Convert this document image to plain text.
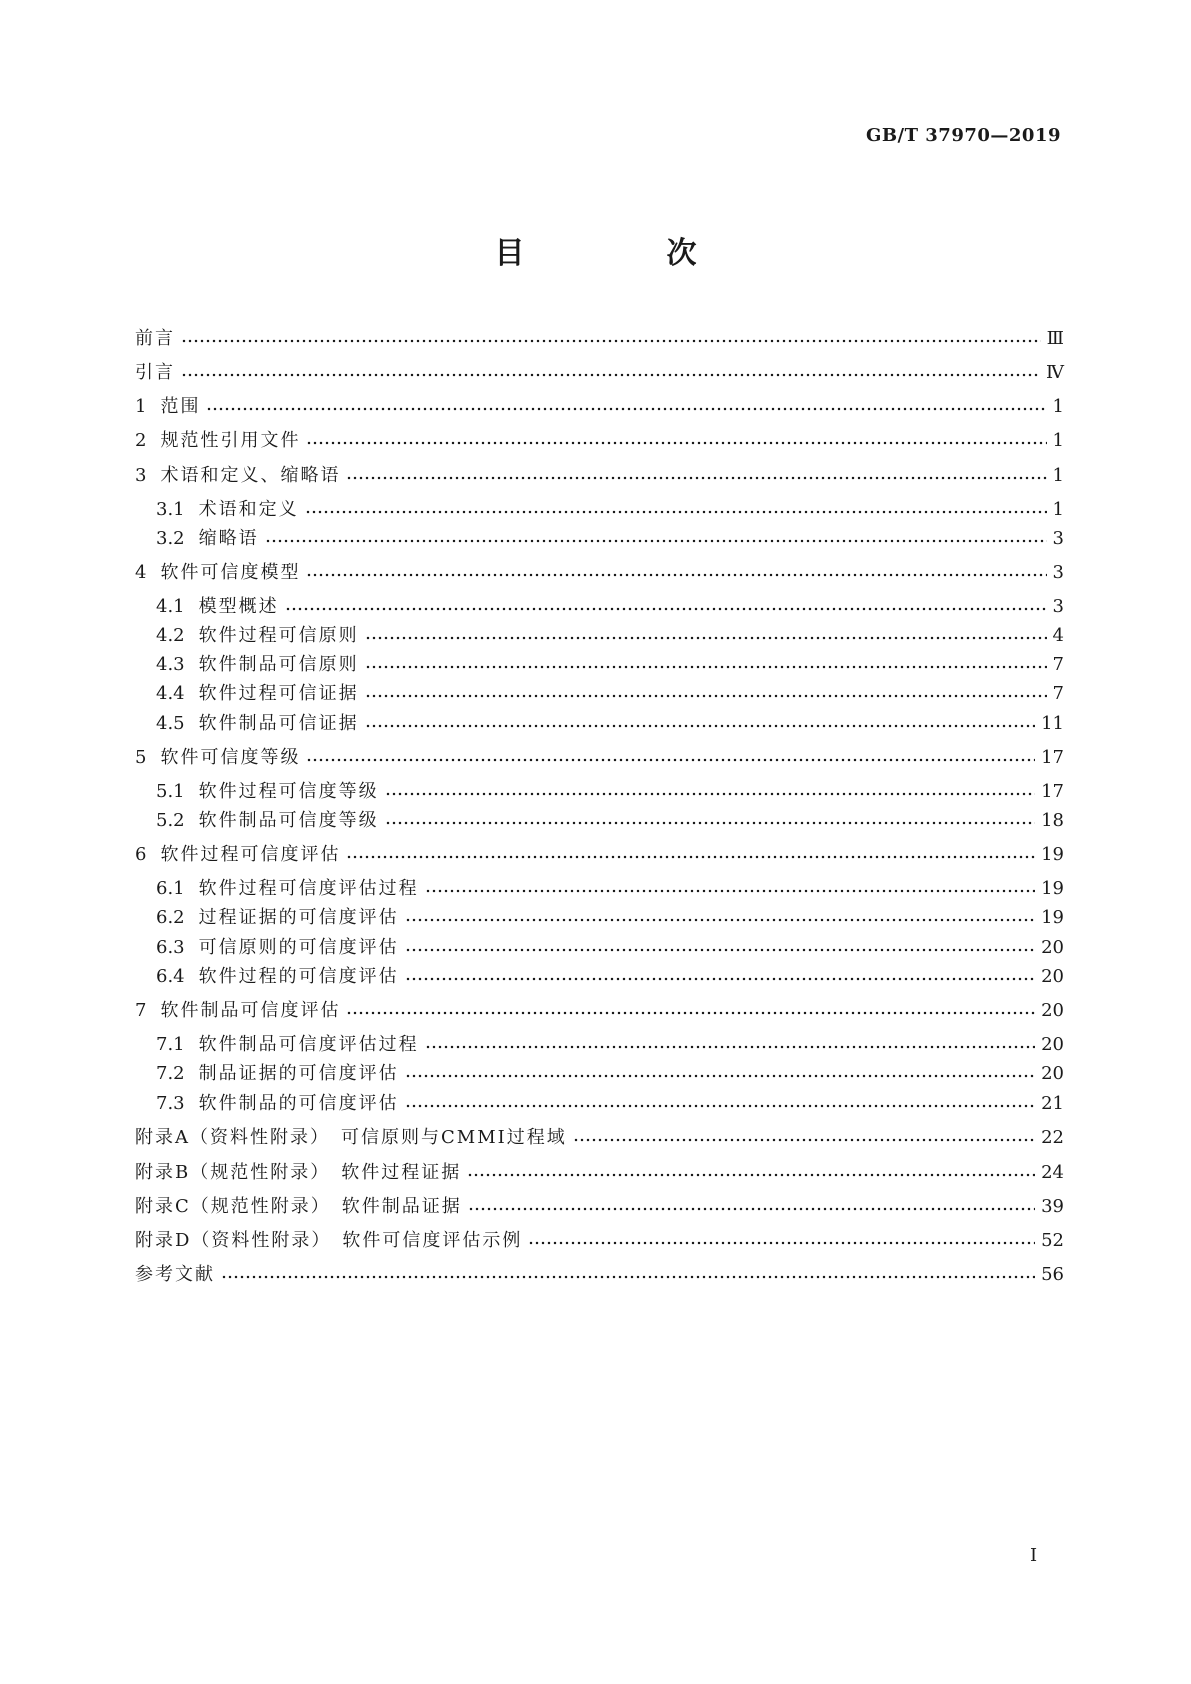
GB/T 37970—2019
目　次
前言	Ⅲ
引言	Ⅳ
1 范围	1
2 规范性引用文件	1
3 术语和定义、缩略语	1
3.1 术语和定义	1
3.2 缩略语	3
4 软件可信度模型	3
4.1 模型概述	3
4.2 软件过程可信原则	4
4.3 软件制品可信原则	7
4.4 软件过程可信证据	7
4.5 软件制品可信证据	11
5 软件可信度等级	17
5.1 软件过程可信度等级	17
5.2 软件制品可信度等级	18
6 软件过程可信度评估	19
6.1 软件过程可信度评估过程	19
6.2 过程证据的可信度评估	19
6.3 可信原则的可信度评估	20
6.4 软件过程的可信度评估	20
7 软件制品可信度评估	20
7.1 软件制品可信度评估过程	20
7.2 制品证据的可信度评估	20
7.3 软件制品的可信度评估	21
附录A（资料性附录）　可信原则与CMMI过程域	22
附录B（规范性附录）　软件过程证据	24
附录C（规范性附录）　软件制品证据	39
附录D（资料性附录）　软件可信度评估示例	52
参考文献	56
I
